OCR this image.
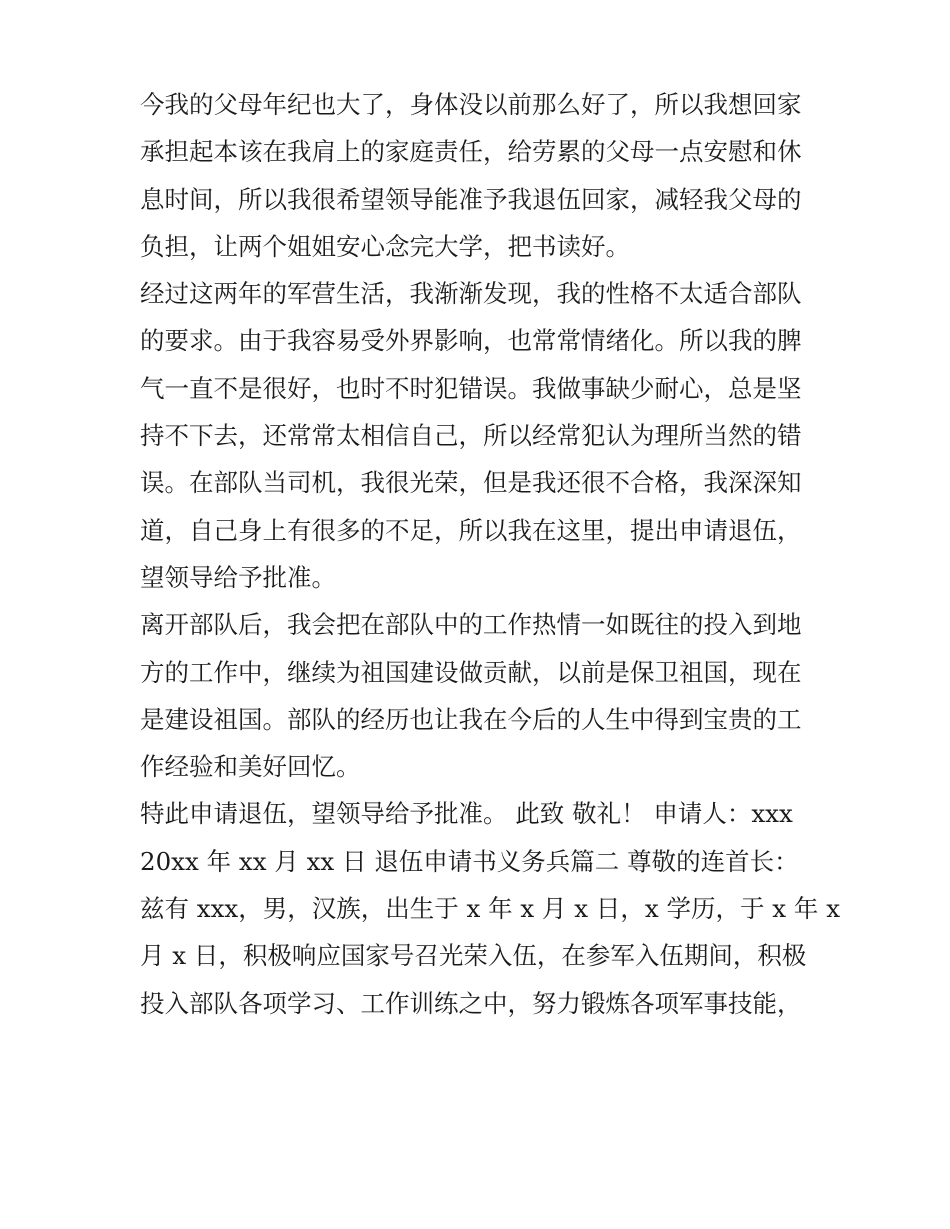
今我的父母年纪也大了，身体没以前那么好了，所以我想回家
承担起本该在我肩上的家庭责任，给劳累的父母一点安慰和休
息时间，所以我很希望领导能准予我退伍回家，减轻我父母的
负担，让两个姐姐安心念完大学，把书读好。
经过这两年的军营生活，我渐渐发现，我的性格不太适合部队
的要求。由于我容易受外界影响，也常常情绪化。所以我的脾
气一直不是很好，也时不时犯错误。我做事缺少耐心，总是坚
持不下去，还常常太相信自己，所以经常犯认为理所当然的错
误。在部队当司机，我很光荣，但是我还很不合格，我深深知
道，自己身上有很多的不足，所以我在这里，提出申请退伍，
望领导给予批准。
离开部队后，我会把在部队中的工作热情一如既往的投入到地
方的工作中，继续为祖国建设做贡献，以前是保卫祖国，现在
是建设祖国。部队的经历也让我在今后的人生中得到宝贵的工
作经验和美好回忆。
特此申请退伍，望领导给予批准。 此致 敬礼！ 申请人：xxx
20xx 年 xx 月 xx 日 退伍申请书义务兵篇二 尊敬的连首长：
兹有 xxx，男，汉族，出生于 x 年 x 月 x 日，x 学历，于 x 年 x
月 x 日，积极响应国家号召光荣入伍，在参军入伍期间，积极
投入部队各项学习、工作训练之中，努力锻炼各项军事技能，
